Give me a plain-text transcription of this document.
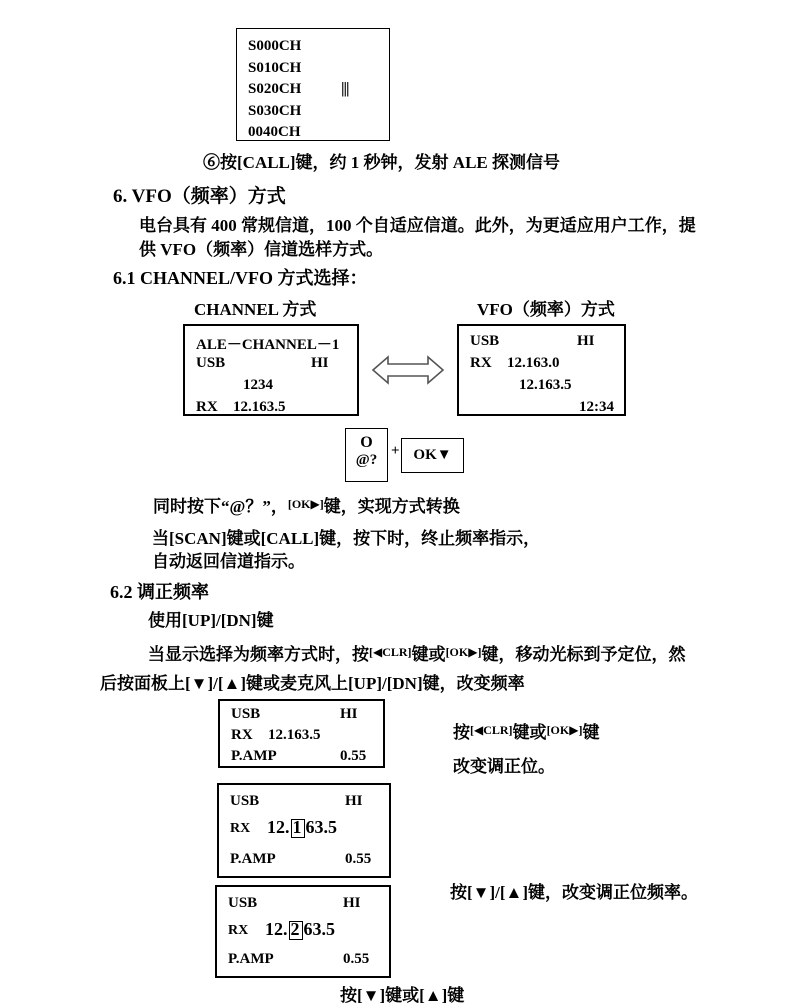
S000CH
S010CH
S020CH
S030CH
0040CH
|||
⑥按[CALL]键，约 1 秒钟，发射 ALE 探测信号
6. VFO（频率）方式
电台具有 400 常规信道，100 个自适应信道。此外，为更适应用户工作，提
供 VFO（频率）信道选样方式。
6.1 CHANNEL/VFO 方式选择：
CHANNEL 方式	VFO（频率）方式
ALE－CHANNEL－1
USB	HI
1234
RX 12.163.5
USB	HI
RX 12.163.0
12.163.5
12:34
O
@?
+ OK▼
同时按下“@？”，[OK▶]键，实现方式转换
当[SCAN]键或[CALL]键，按下时，终止频率指示，
自动返回信道指示。
6.2 调正频率
使用[UP]/[DN]键
当显示选择为频率方式时，按[◀CLR]键或[OK▶]键，移动光标到予定位，然
后按面板上[▼]/[▲]键或麦克风上[UP]/[DN]键，改变频率
USB	HI
RX 12.163.5
P.AMP	0.55
按[◀CLR]键或[OK▶]键
改变调正位。
USB	HI
RX 12. 1 63.5
P.AMP	0.55
按[▼]/[▲]键，改变调正位频率。
USB	HI
RX 12. 2 63.5
P.AMP	0.55
按[▼]键或[▲]键
